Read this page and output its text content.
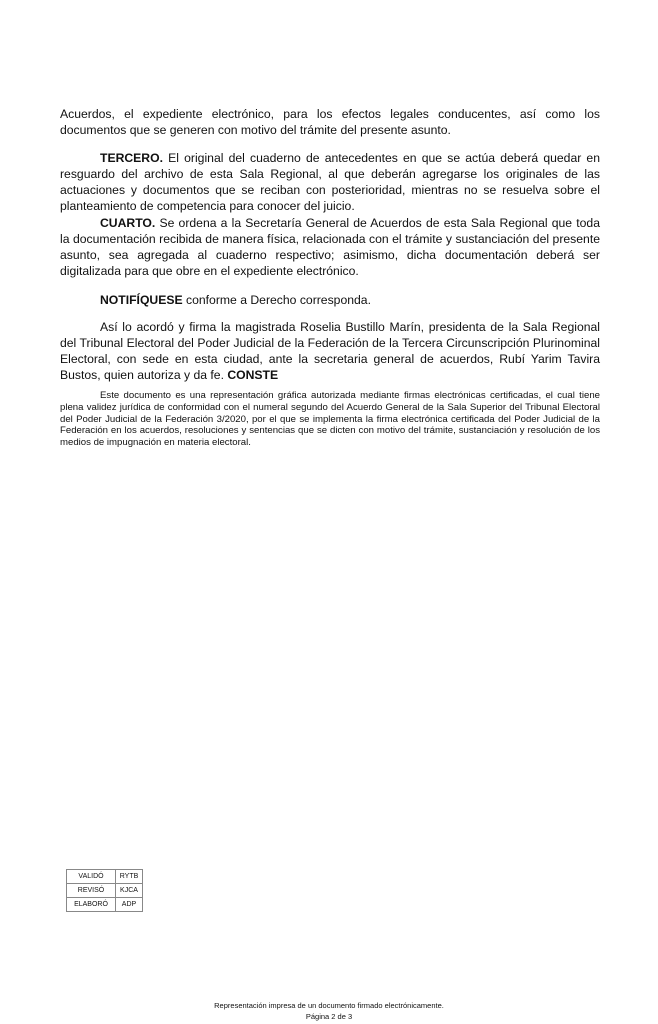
Acuerdos, el expediente electrónico, para los efectos legales conducentes, así como los documentos que se generen con motivo del trámite del presente asunto.

TERCERO. El original del cuaderno de antecedentes en que se actúa deberá quedar en resguardo del archivo de esta Sala Regional, al que deberán agregarse los originales de las actuaciones y documentos que se reciban con posterioridad, mientras no se resuelva sobre el planteamiento de competencia para conocer del juicio.

CUARTO. Se ordena a la Secretaría General de Acuerdos de esta Sala Regional que toda la documentación recibida de manera física, relacionada con el trámite y sustanciación del presente asunto, sea agregada al cuaderno respectivo; asimismo, dicha documentación deberá ser digitalizada para que obre en el expediente electrónico.

NOTIFÍQUESE conforme a Derecho corresponda.

Así lo acordó y firma la magistrada Roselia Bustillo Marín, presidenta de la Sala Regional del Tribunal Electoral del Poder Judicial de la Federación de la Tercera Circunscripción Plurinominal Electoral, con sede en esta ciudad, ante la secretaria general de acuerdos, Rubí Yarim Tavira Bustos, quien autoriza y da fe. CONSTE

Este documento es una representación gráfica autorizada mediante firmas electrónicas certificadas, el cual tiene plena validez jurídica de conformidad con el numeral segundo del Acuerdo General de la Sala Superior del Tribunal Electoral del Poder Judicial de la Federación 3/2020, por el que se implementa la firma electrónica certificada del Poder Judicial de la Federación en los acuerdos, resoluciones y sentencias que se dicten con motivo del trámite, sustanciación y resolución de los medios de impugnación en materia electoral.

VALIDÓ	RYTB
REVISÓ	KJCA
ELABORÓ	ADP
Representación impresa de un documento firmado electrónicamente.
Página 2 de 3
